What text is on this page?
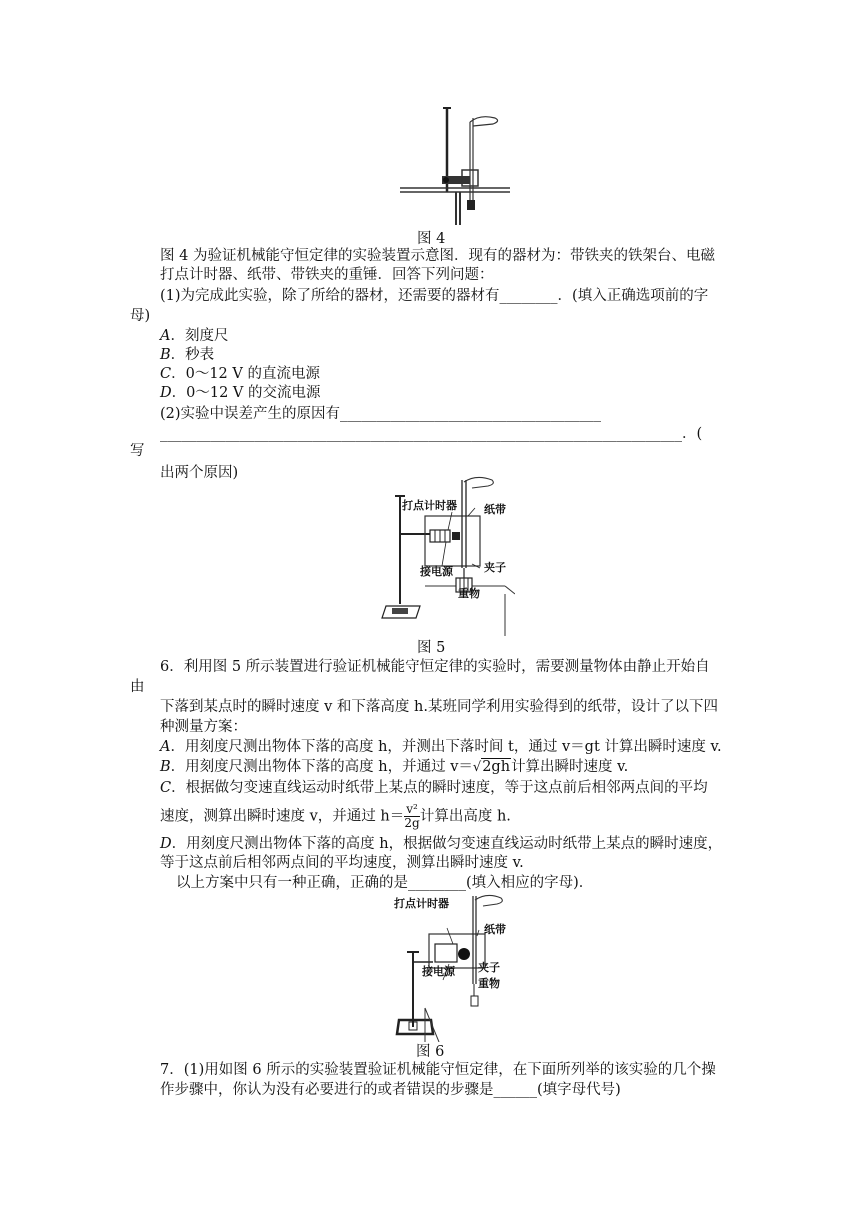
图 4
图 4 为验证机械能守恒定律的实验装置示意图．现有的器材为：带铁夹的铁架台、电磁
打点计时器、纸带、带铁夹的重锤．回答下列问题：
(1)为完成此实验，除了所给的器材，还需要的器材有________．(填入正确选项前的字
母)
A．刻度尺
B．秒表
C．0～12 V 的直流电源
D．0～12 V 的交流电源
(2)实验中误差产生的原因有____________________________________
________________________________________________________________________．(
写
出两个原因)
打点计时器 纸带
接电源	夹子
重物
图 5
6．利用图 5 所示装置进行验证机械能守恒定律的实验时，需要测量物体由静止开始自
由
下落到某点时的瞬时速度 v 和下落高度 h.某班同学利用实验得到的纸带，设计了以下四
种测量方案：
A．用刻度尺测出物体下落的高度 h，并测出下落时间 t，通过 v＝gt 计算出瞬时速度 v.
B．用刻度尺测出物体下落的高度 h，并通过 v＝√2gh计算出瞬时速度 v.
C．根据做匀变速直线运动时纸带上某点的瞬时速度，等于这点前后相邻两点间的平均
速度，测算出瞬时速度 v，并通过 $h= \frac{\text{v²}}{2g}$ 计算出高度 h.
D．用刻度尺测出物体下落的高度 h，根据做匀变速直线运动时纸带上某点的瞬时速度，
等于这点前后相邻两点间的平均速度，测算出瞬时速度 v.
以上方案中只有一种正确，正确的是________(填入相应的字母)．
打点计时器
纸带
接电源 夹子
重物
图 6
7．(1)用如图 6 所示的实验装置验证机械能守恒定律，在下面所列举的该实验的几个操
作步骤中，你认为没有必要进行的或者错误的步骤是______(填字母代号)
